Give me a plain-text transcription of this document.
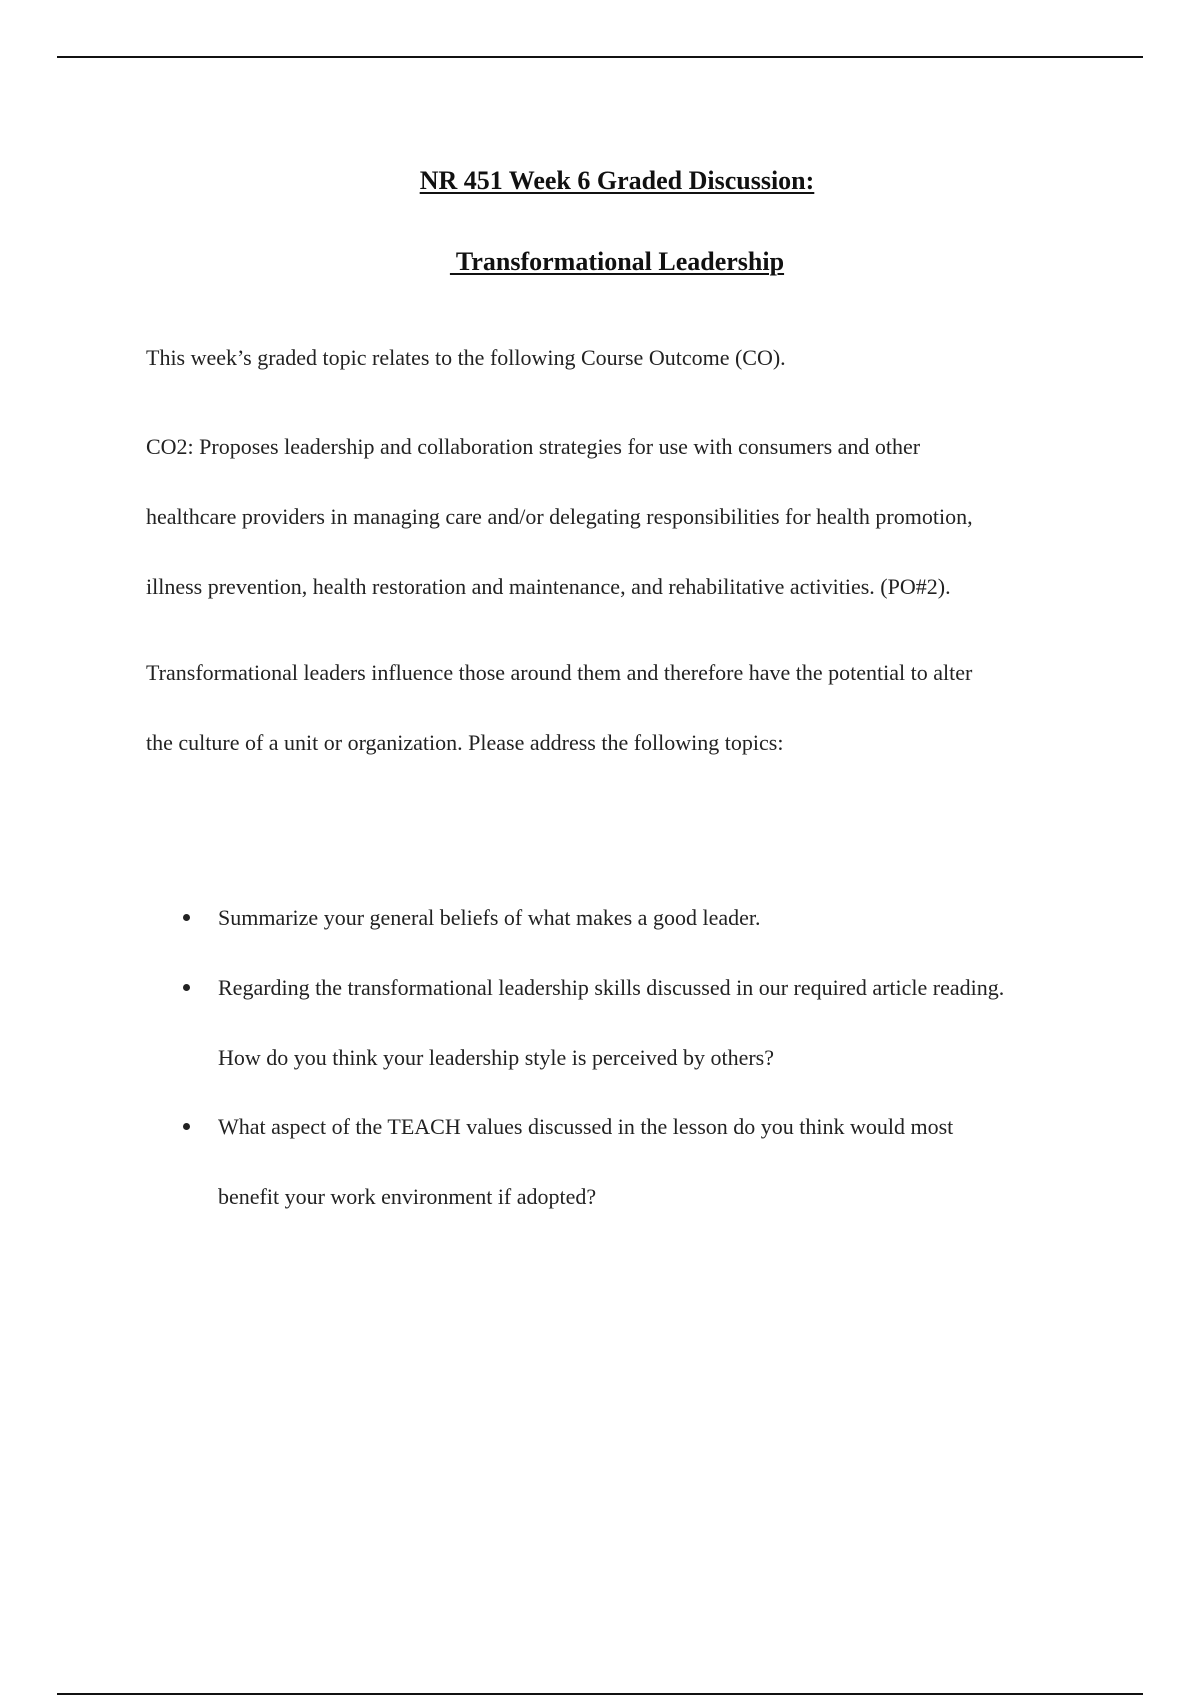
NR 451 Week 6 Graded Discussion:
Transformational Leadership
This week’s graded topic relates to the following Course Outcome (CO).
CO2: Proposes leadership and collaboration strategies for use with consumers and other
healthcare providers in managing care and/or delegating responsibilities for health promotion,
illness prevention, health restoration and maintenance, and rehabilitative activities. (PO#2).
Transformational leaders influence those around them and therefore have the potential to alter
the culture of a unit or organization. Please address the following topics:
Summarize your general beliefs of what makes a good leader.
Regarding the transformational leadership skills discussed in our required article reading.
How do you think your leadership style is perceived by others?
What aspect of the TEACH values discussed in the lesson do you think would most
benefit your work environment if adopted?
